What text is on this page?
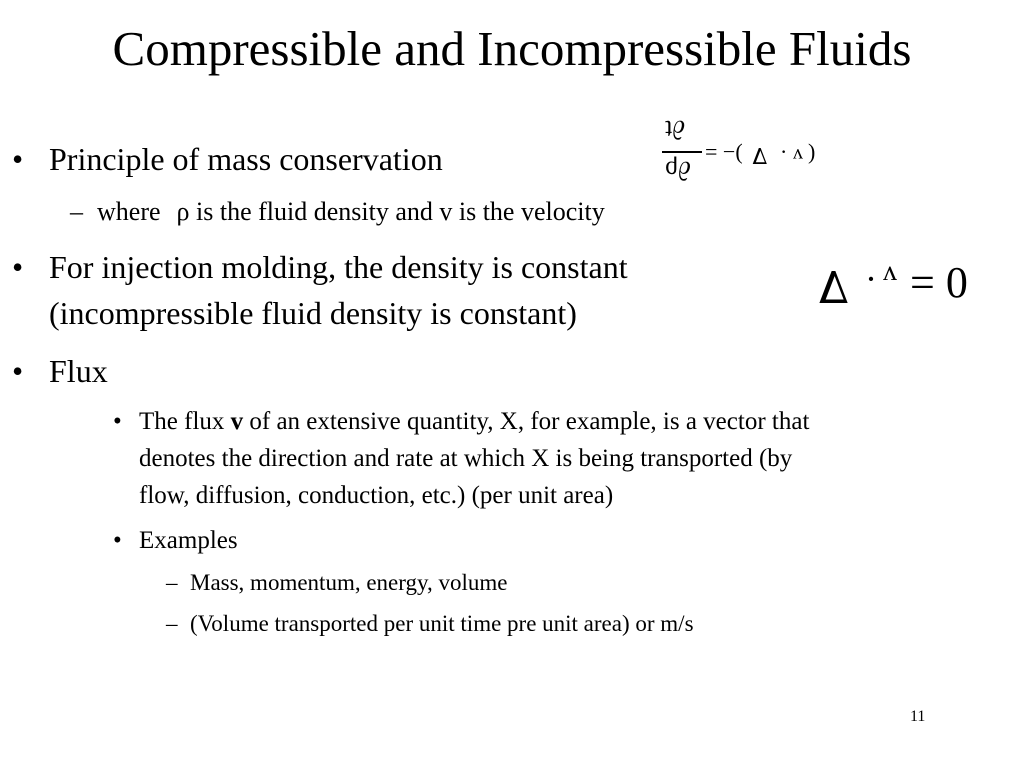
Compressible and Incompressible Fluids
• Principle of mass conservation
– where ρ is the fluid density and v is the velocity
• For injection molding, the density is constant
(incompressible fluid density is constant)
• Flux
• The flux v of an extensive quantity, X, for example, is a vector that
denotes the direction and rate at which X is being transported (by
flow, diffusion, conduction, etc.) (per unit area)
• Examples
– Mass, momentum, energy, volume
– (Volume transported per unit time pre unit area) or m/s
∂t
∂ρ
= −( ∇ · v )
∇ · v = 0
11
